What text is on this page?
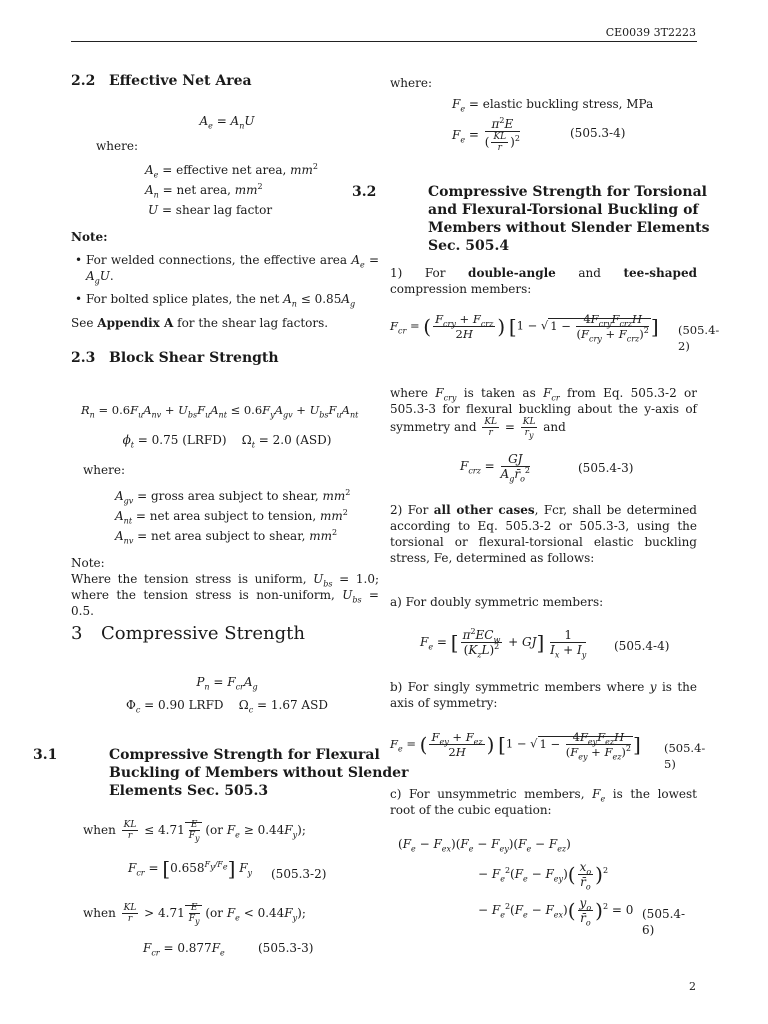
CE0039 3T2223
2.2 Effective Net Area
$A_e = A_nU$
where:
$A_e$ = effective net area, $mm^2$
$A_n$ = net area, $mm^2$
U = shear lag factor
Note:
• For welded connections, the effective area $A_e = A_gU$.
• For bolted splice plates, the net $A_n \le 0.85A_g$
See Appendix A for the shear lag factors.
2.3 Block Shear Strength
$R_n = 0.6F_uA_{nv} + U_{bs}F_uA_{nt} \le 0.6F_yA_{gv} + U_{bs}F_uA_{nt}$
$\phi_t = 0.75$ (LRFD)    $\Omega_t = 2.0$ (ASD)
where:
$A_{gv}$ = gross area subject to shear, $mm^2$
$A_{nt}$ = net area subject to tension, $mm^2$
$A_{nv}$ = net area subject to shear, $mm^2$
Note:
Where the tension stress is uniform, $U_{bs} = 1.0$; where the tension stress is non-uniform, $U_{bs} = 0.5$.
3 Compressive Strength
$P_n = F_{cr}A_g$
$\Phi_c = 0.90$ LRFD    $\Omega_c = 1.67$ ASD
3.1	Compressive Strength for Flexural Buckling of Members without Slender Elements Sec. 505.3
when $\frac{KL}{r} \le 4.71 \frac{E}{F_y} (or$ $F_e \ge 0.44F_y$);
$F_{cr} = [0.658^{F_y/F_e}]$ $F_y$ (505.3-2)
when $\frac{KL}{r} > 4.71 \frac{E}{F_y} (or$ $F_e < 0.44F_y$);
$F_{cr} = 0.877F_e$	(505.3-3)
where:
$F_e$ = elastic buckling stress, MPa
$F_e = \frac{\pi^2E}{( \frac{KL}{r} )^2}$	(505.3-4)
3.2	Compressive Strength for Torsional and Flexural-Torsional Buckling of Members without Slender Elements Sec. 505.4
1) For double-angle and tee-shaped compression members:
$F_{cr}$ = ( $\frac{F_{cry} + F_{crz}}{2H}$ ) [1 − √ $1 - \frac{4F_{cry}F_{crz}H}{(F_{cry} + F_{crz})^2}$ ] (505.4-2)
where $F_{cry}$ is taken as $F_{cr}$ from Eq. 505.3-2 or 505.3-3 for flexural buckling about the y-axis of symmetry and $\frac{KL}{r} = \frac{KL}{r_y}$ and
$F_{crz} = \frac{GJ}{A_gr̄_o^2}$	(505.4-3)
2) For all other cases, Fcr, shall be determined according to Eq. 505.3-2 or 505.3-3, using the torsional or flexural-torsional elastic buckling stress, Fe, determined as follows:
a) For doubly symmetric members:
$F_e$ = [ $\frac{\pi^2EC_w}{(K_zL)^2} + GJ] \frac{1}{I_x + I_y} (505.4-4)$
b) For singly symmetric members where y is the axis of symmetry:
$F_e$ = ( $\frac{F_{ey} + F_{ez}}{2H}$ ) [1 − √ $1 - \frac{4F_{ey}F_{ez}H}{(F_{ey} + F_{ez})^2}$ ] (505.4-5)
c) For unsymmetric members, $F_e$ is the lowest root of the cubic equation:
$(F_e - F_{ex})(F_e - F_{ey})(F_e - F_{ez})$
− $F_e^2(F_e - F_{ey})( \frac{x_o}{r̄_o} )^2$
− $F_e^2(F_e - F_{ex})( \frac{y_o}{r̄_o} )^2 = 0$ (505.4-6)
2
